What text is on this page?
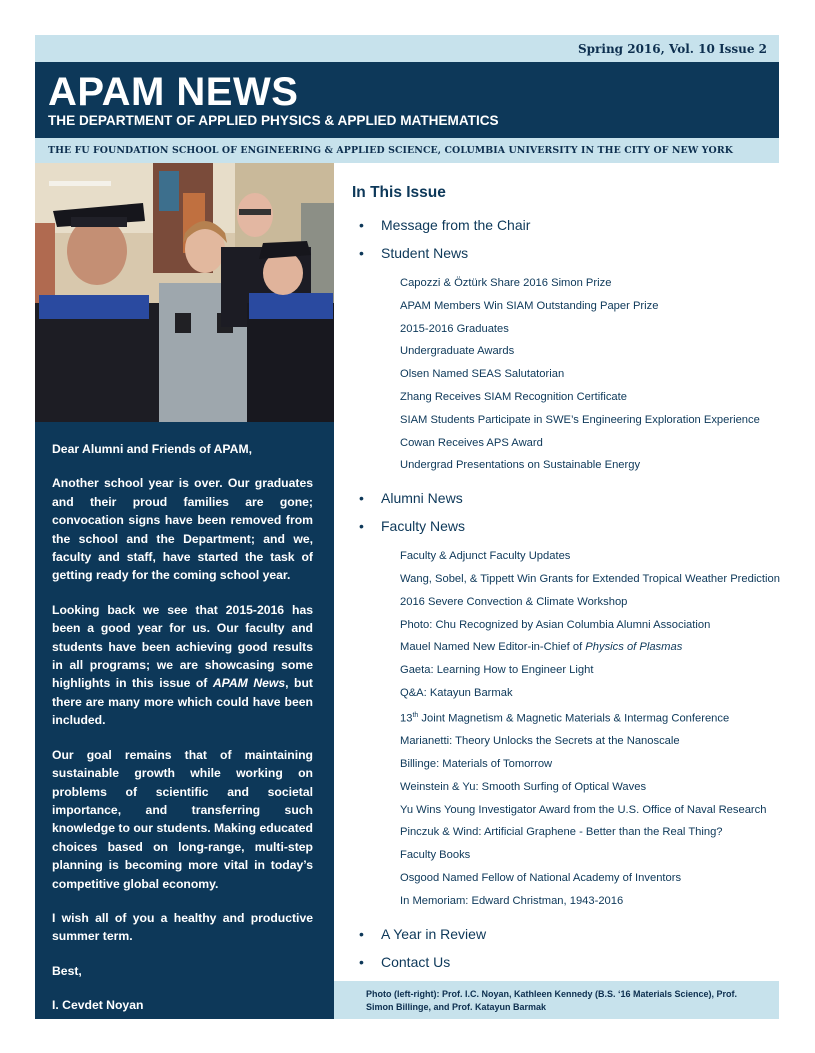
Spring 2016, Vol. 10 Issue 2
APAM NEWS
THE DEPARTMENT OF APPLIED PHYSICS & APPLIED MATHEMATICS
THE FU FOUNDATION SCHOOL OF ENGINEERING & APPLIED SCIENCE, COLUMBIA UNIVERSITY IN THE CITY OF NEW YORK

Dear Alumni and Friends of APAM,

Another school year is over. Our graduates and their proud families are gone; convocation signs have been removed from the school and the Department; and we, faculty and staff, have started the task of getting ready for the coming school year.

Looking back we see that 2015-2016 has been a good year for us. Our faculty and students have been achieving good results in all programs; we are showcasing some highlights in this issue of APAM News, but there are many more which could have been included.

Our goal remains that of maintaining sustainable growth while working on problems of scientific and societal importance, and transferring such knowledge to our students. Making educated choices based on long-range, multi-step planning is becoming more vital in today’s competitive global economy.

I wish all of you a healthy and productive summer term.

Best,

I. Cevdet Noyan

Chair, APAM

In This Issue
• Message from the Chair
• Student News
Capozzi & Öztürk Share 2016 Simon Prize
APAM Members Win SIAM Outstanding Paper Prize
2015-2016 Graduates
Undergraduate Awards
Olsen Named SEAS Salutatorian
Zhang Receives SIAM Recognition Certificate
SIAM Students Participate in SWE’s Engineering Exploration Experience
Cowan Receives APS Award
Undergrad Presentations on Sustainable Energy
• Alumni News
• Faculty News
Faculty & Adjunct Faculty Updates
Wang, Sobel, & Tippett Win Grants for Extended Tropical Weather Prediction
2016 Severe Convection & Climate Workshop
Photo: Chu Recognized by Asian Columbia Alumni Association
Mauel Named New Editor-in-Chief of Physics of Plasmas
Gaeta: Learning How to Engineer Light
Q&A: Katayun Barmak
13th Joint Magnetism & Magnetic Materials & Intermag Conference
Marianetti: Theory Unlocks the Secrets at the Nanoscale
Billinge: Materials of Tomorrow
Weinstein & Yu: Smooth Surfing of Optical Waves
Yu Wins Young Investigator Award from the U.S. Office of Naval Research
Pinczuk & Wind: Artificial Graphene - Better than the Real Thing?
Faculty Books
Osgood Named Fellow of National Academy of Inventors
In Memoriam: Edward Christman, 1943-2016
• A Year in Review
• Contact Us
Photo (left-right): Prof. I.C. Noyan, Kathleen Kennedy (B.S. ‘16 Materials Science), Prof. Simon Billinge, and Prof. Katayun Barmak
